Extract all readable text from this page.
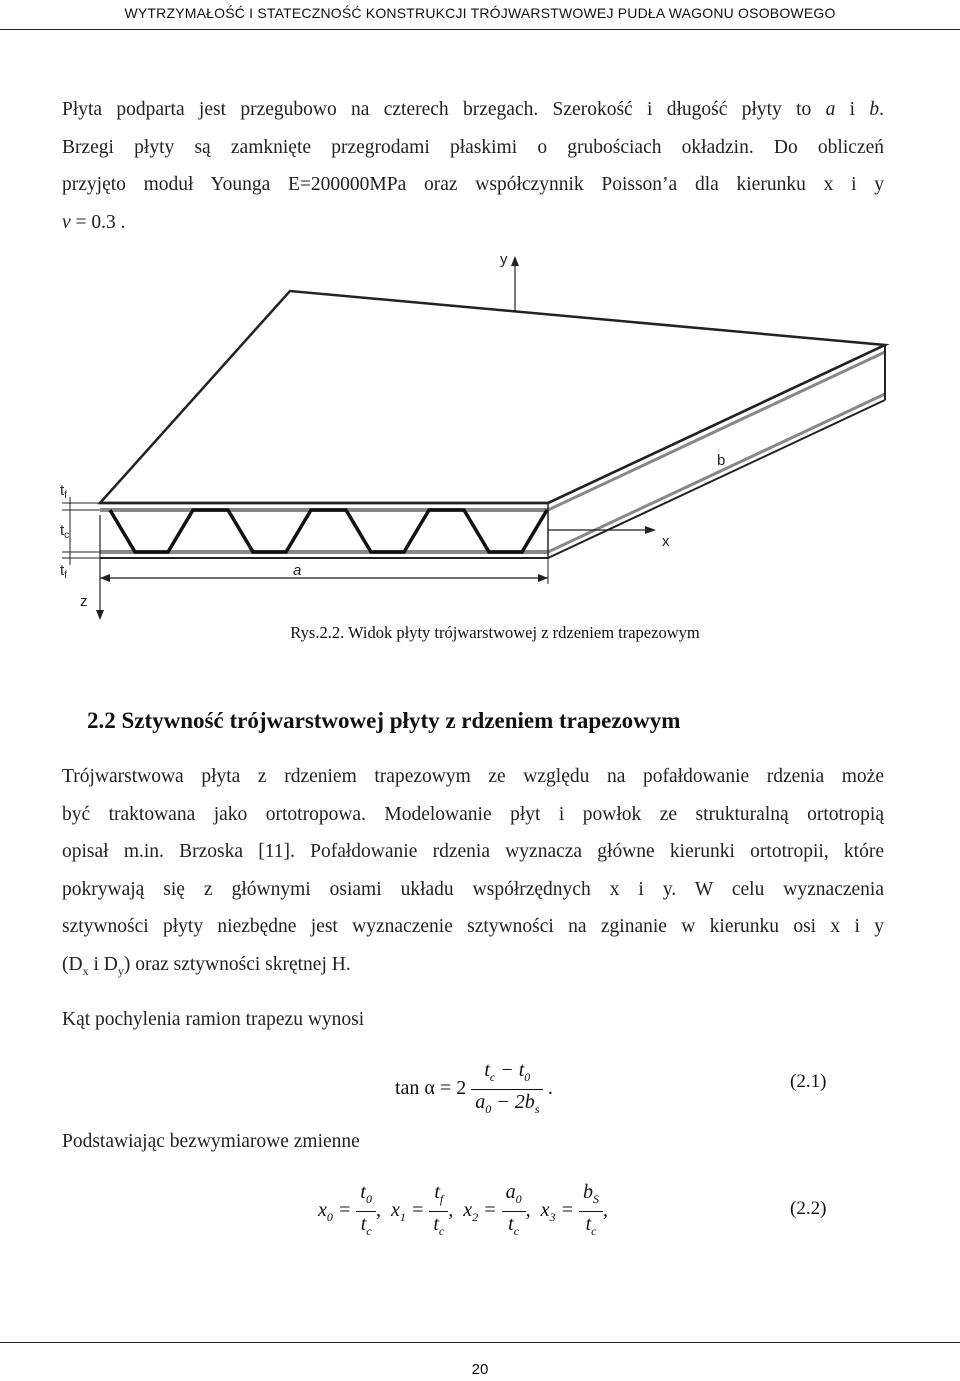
WYTRZYMAŁOŚĆ I STATECZNOŚĆ KONSTRUKCJI TRÓJWARSTWOWEJ PUDŁA WAGONU OSOBOWEGO
Płyta podparta jest przegubowo na czterech brzegach. Szerokość i długość płyty to a i b.
Brzegi płyty są zamknięte przegrodami płaskimi o grubościach okładzin. Do obliczeń
przyjęto moduł Younga E=200000MPa oraz współczynnik Poisson’a dla kierunku x i y
ν = 0.3 .
y
x
z
a
b
$t_f$
$t_c$
$t_f$
Rys.2.2. Widok płyty trójwarstwowej z rdzeniem trapezowym
2.2 Sztywność trójwarstwowej płyty z rdzeniem trapezowym
Trójwarstwowa płyta z rdzeniem trapezowym ze względu na pofałdowanie rdzenia może
być traktowana jako ortotropowa. Modelowanie płyt i powłok ze strukturalną ortotropią
opisał m.in. Brzoska [11]. Pofałdowanie rdzenia wyznacza główne kierunki ortotropii, które
pokrywają się z głównymi osiami układu współrzędnych x i y. W celu wyznaczenia
sztywności płyty niezbędne jest wyznaczenie sztywności na zginanie w kierunku osi x i y
($D_x$ i $D_y$) oraz sztywności skrętnej H.
Kąt pochylenia ramion trapezu wynosi
$\tan \alpha = 2 \frac{t_c - t_0}{a_0 - 2b_s}$ .	(2.1)
Podstawiając bezwymiarowe zmienne
$x_0 = \frac{t_0}{t_c}$ , $x_1 = \frac{t_f}{t_c}$ , $x_2 = \frac{a_0}{t_c}$ , $x_3 = \frac{b_S}{t_c}$ ,	(2.2)
20
